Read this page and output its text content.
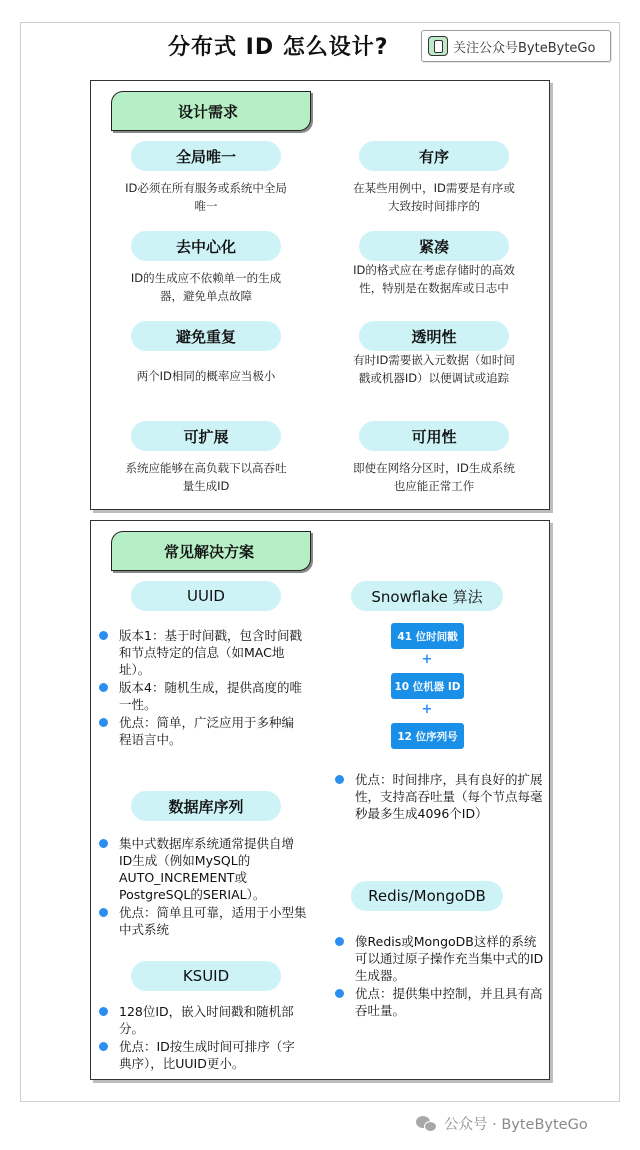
分布式 ID 怎么设计?	关注公众号ByteByteGo
设计需求
全局唯一
ID必须在所有服务或系统中全局唯一
有序
在某些用例中，ID需要是有序或大致按时间排序的
去中心化
ID的生成应不依赖单一的生成器，避免单点故障
紧凑
ID的格式应在考虑存储时的高效性，特别是在数据库或日志中
避免重复
两个ID相同的概率应当极小
透明性
有时ID需要嵌入元数据（如时间戳或机器ID）以便调试或追踪
可扩展
系统应能够在高负载下以高吞吐量生成ID
可用性
即使在网络分区时，ID生成系统也应能正常工作
常见解决方案
UUID
版本1：基于时间戳，包含时间戳和节点特定的信息（如MAC地址）。
版本4：随机生成，提供高度的唯一性。
优点：简单，广泛应用于多种编程语言中。
数据库序列
集中式数据库系统通常提供自增ID生成（例如MySQL的AUTO_INCREMENT或PostgreSQL的SERIAL）。
优点：简单且可靠，适用于小型集中式系统
KSUID
128位ID，嵌入时间戳和随机部分。
优点：ID按生成时间可排序（字典序），比UUID更小。
Snowflake 算法
41 位时间戳
+
10 位机器 ID
+
12 位序列号
优点：时间排序，具有良好的扩展性，支持高吞吐量（每个节点每毫秒最多生成4096个ID）
Redis/MongoDB
像Redis或MongoDB这样的系统可以通过原子操作充当集中式的ID生成器。
优点：提供集中控制，并且具有高吞吐量。
公众号 · ByteByteGo
